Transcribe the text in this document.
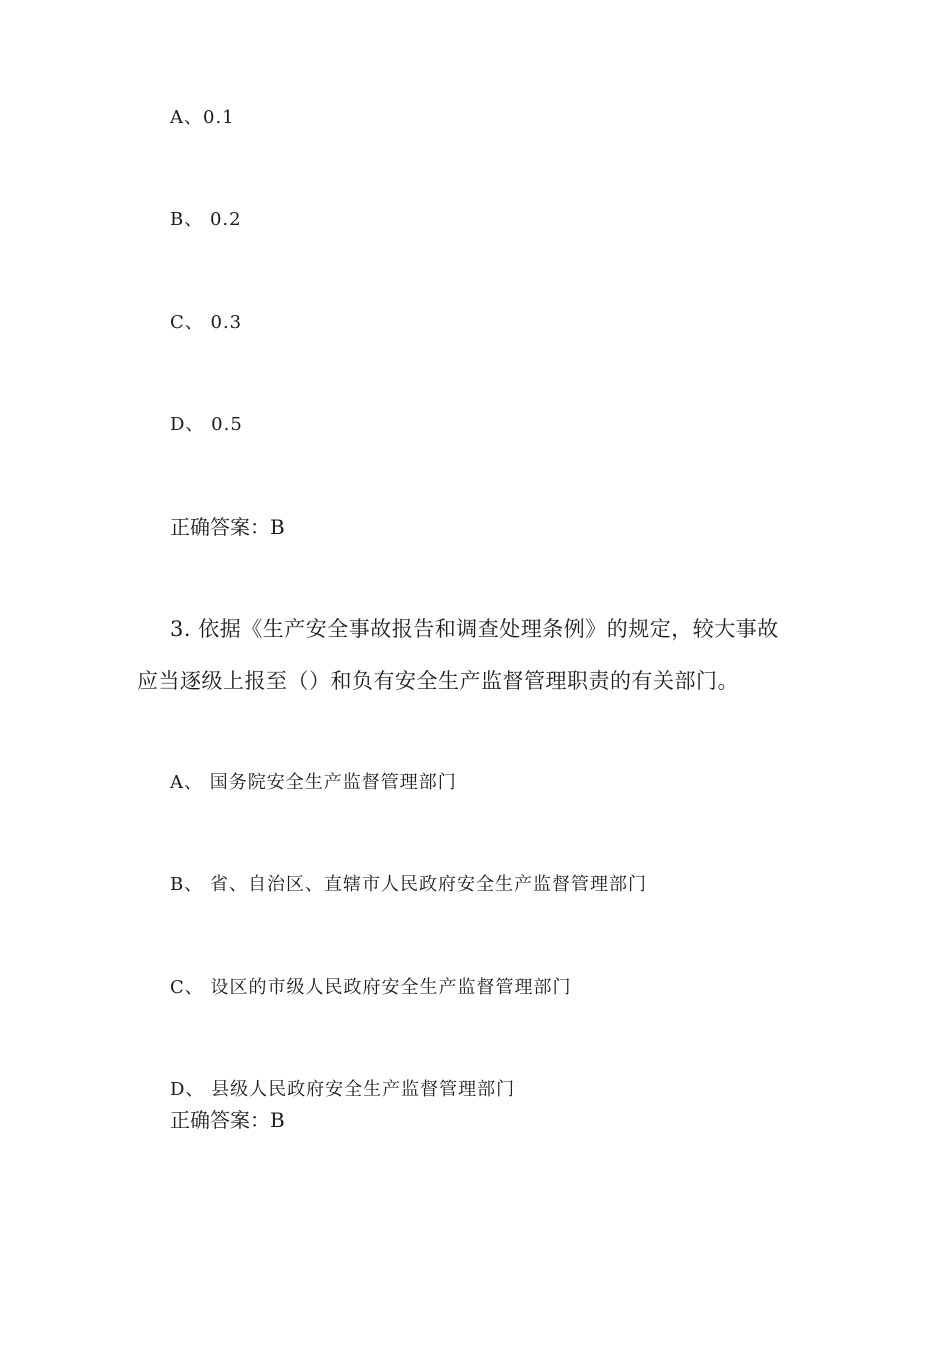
A、0.1
B、 0.2
C、 0.3
D、 0.5
正确答案：B
3. 依据《生产安全事故报告和调查处理条例》的规定，较大事故
应当逐级上报至（）和负有安全生产监督管理职责的有关部门。
A、 国务院安全生产监督管理部门
B、 省、自治区、直辖市人民政府安全生产监督管理部门
C、 设区的市级人民政府安全生产监督管理部门
D、 县级人民政府安全生产监督管理部门
正确答案：B
